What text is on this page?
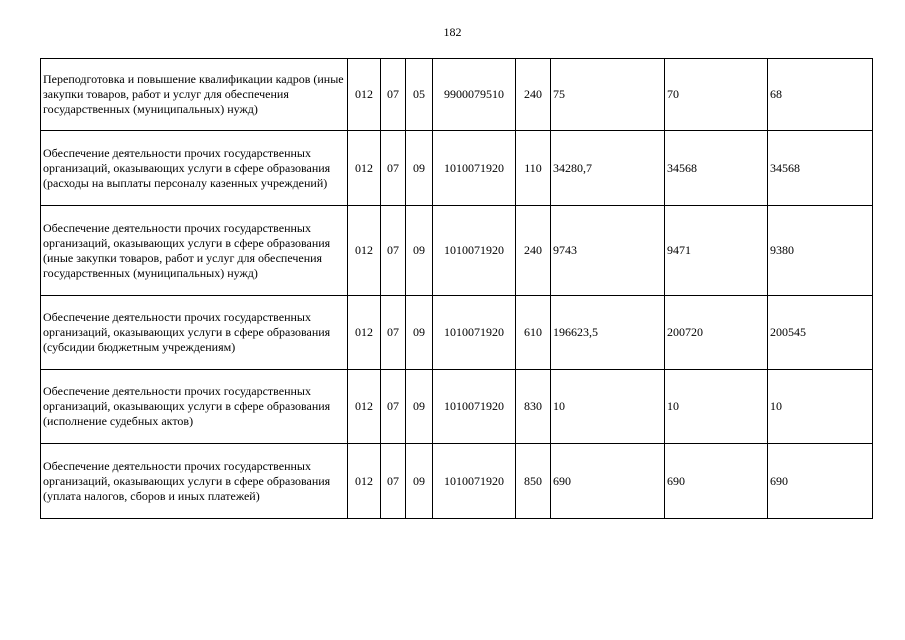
182
Переподготовка и повышение квалификации кадров (иные закупки товаров, работ и услуг для обеспечения государственных (муниципальных) нужд)	012	07	05	9900079510	240	75	70	68
Обеспечение деятельности прочих государственных организаций, оказывающих услуги в сфере образования (расходы на выплаты персоналу казенных учреждений)	012	07	09	1010071920	110	34280,7	34568	34568
Обеспечение деятельности прочих государственных организаций, оказывающих услуги в сфере образования (иные закупки товаров, работ и услуг для обеспечения государственных (муниципальных) нужд)	012	07	09	1010071920	240	9743	9471	9380
Обеспечение деятельности прочих государственных организаций, оказывающих услуги в сфере образования (субсидии бюджетным учреждениям)	012	07	09	1010071920	610	196623,5	200720	200545
Обеспечение деятельности прочих государственных организаций, оказывающих услуги в сфере образования (исполнение судебных актов)	012	07	09	1010071920	830	10	10	10
Обеспечение деятельности прочих государственных организаций, оказывающих услуги в сфере образования (уплата налогов, сборов и иных платежей)	012	07	09	1010071920	850	690	690	690
